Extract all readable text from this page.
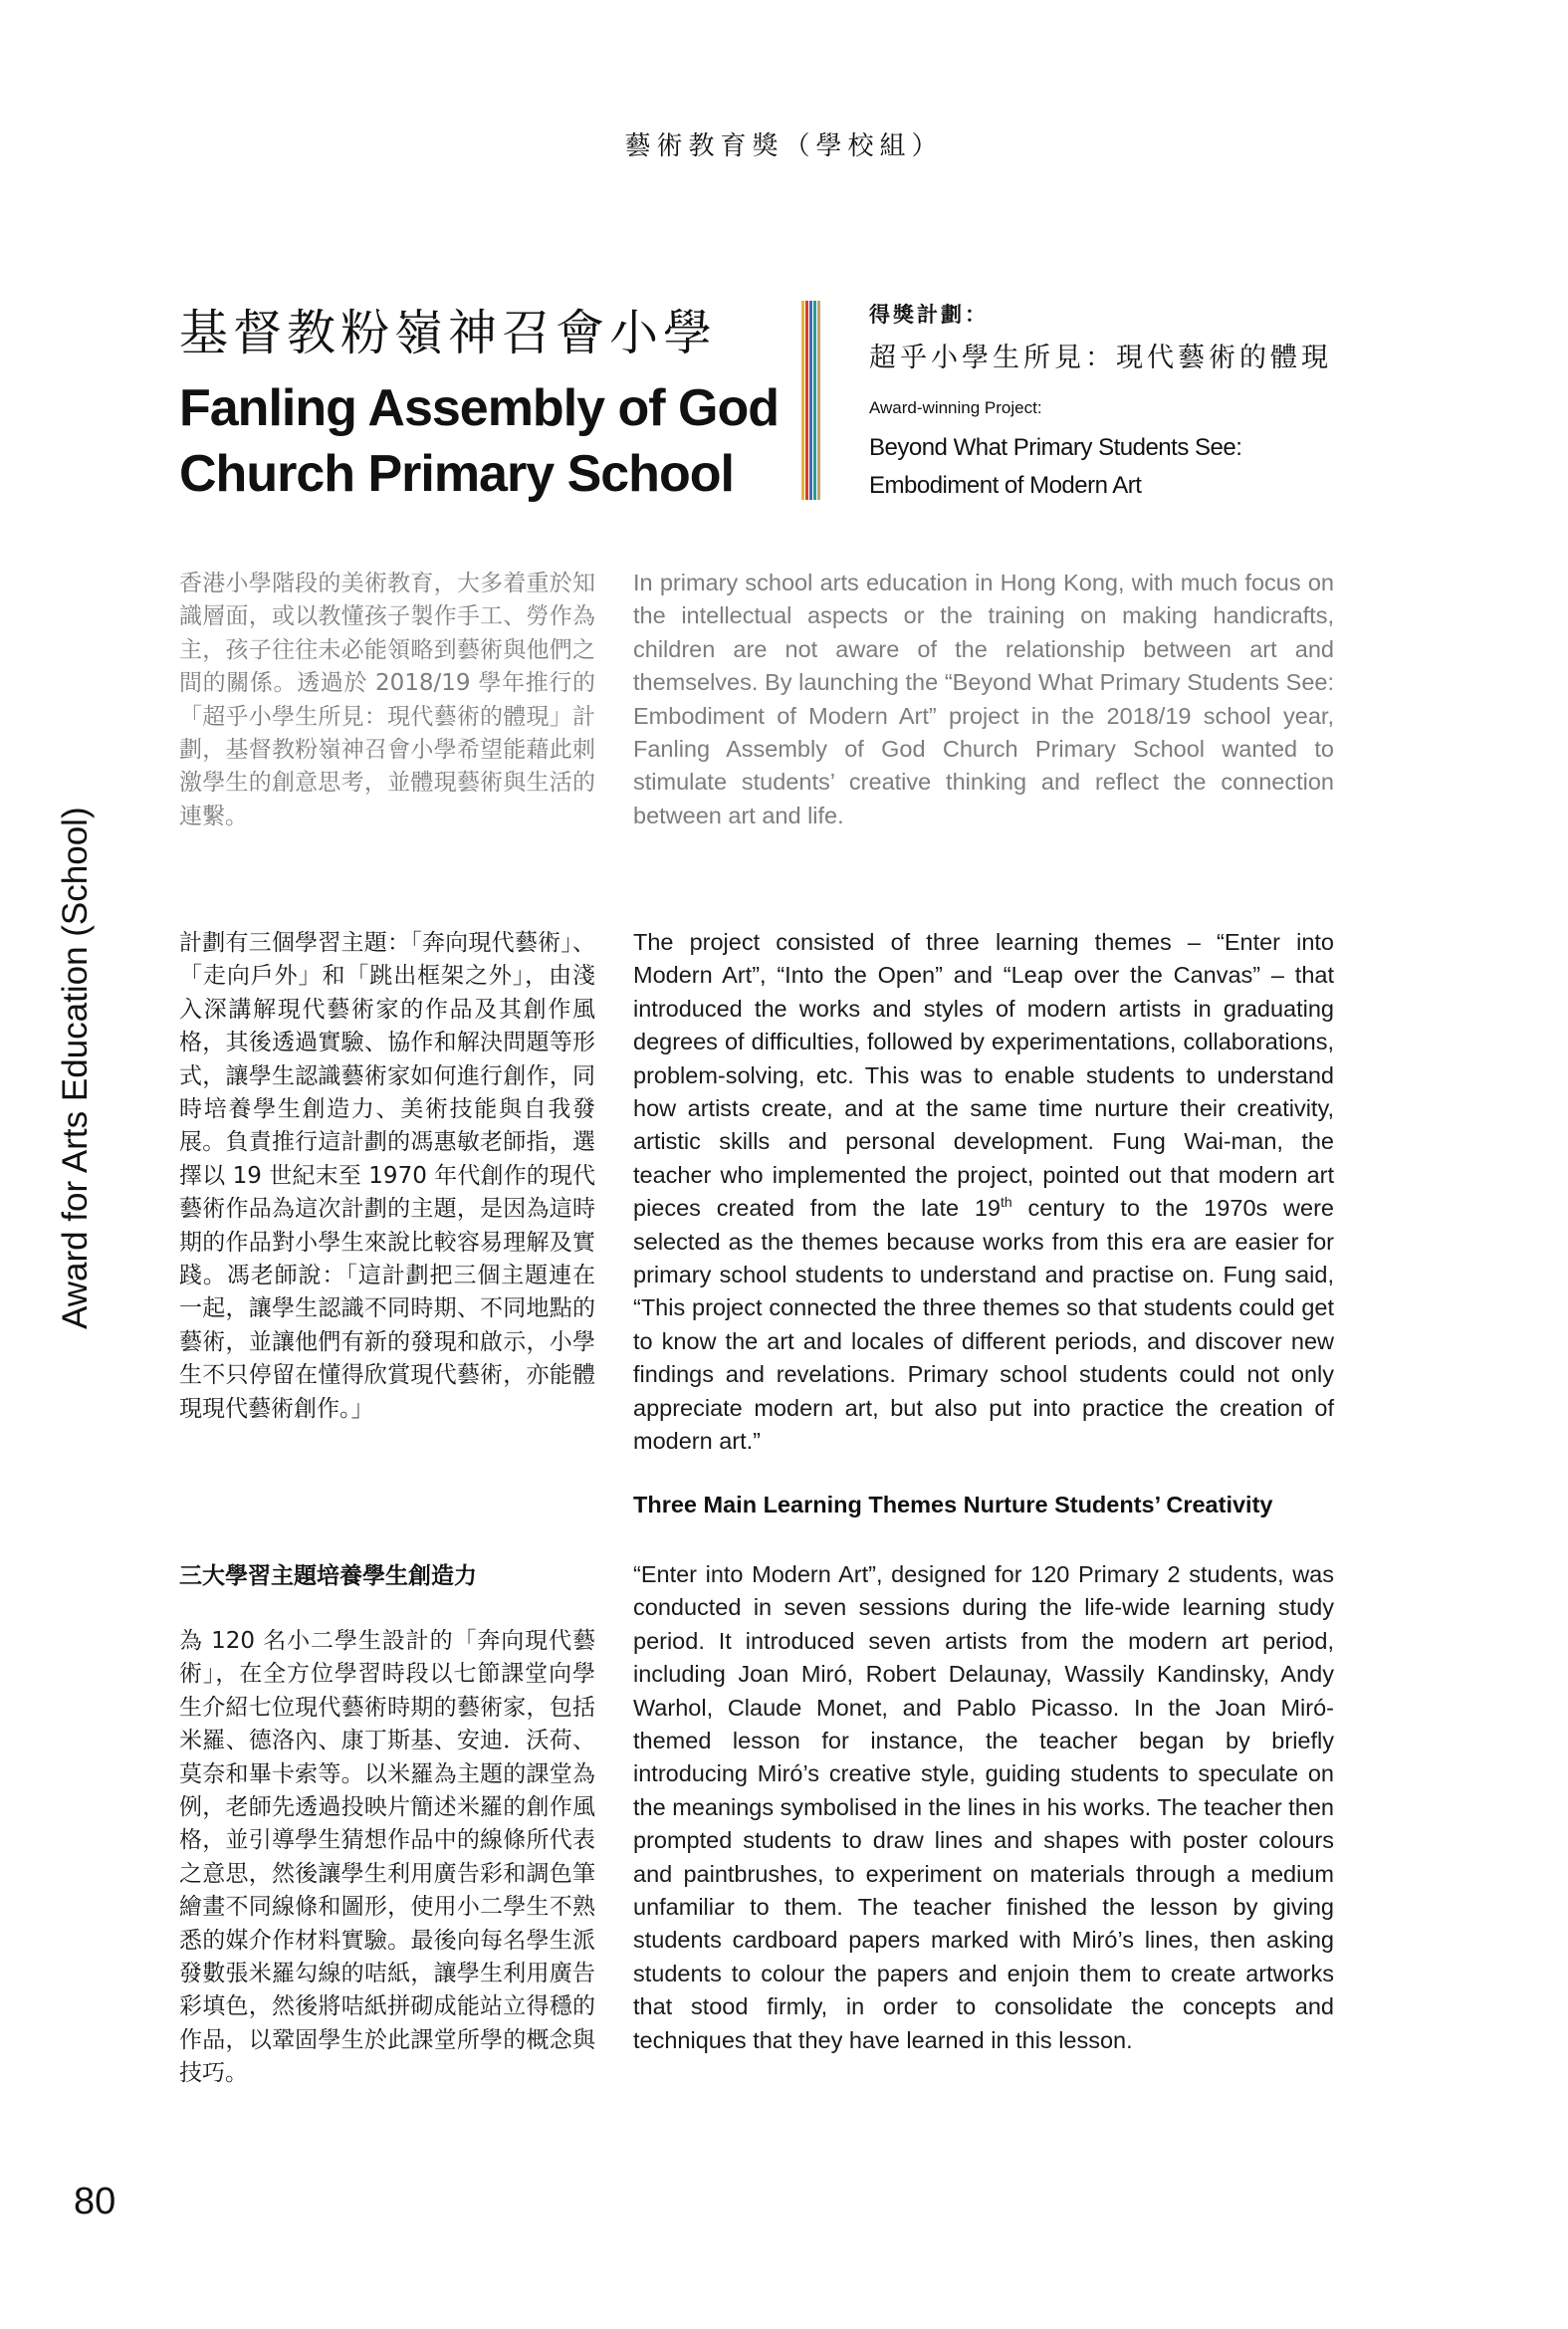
藝術教育獎（學校組）
Award for Arts Education (School)
基督教粉嶺神召會小學
Fanling Assembly of God
Church Primary School
得獎計劃：
超乎小學生所見：現代藝術的體現
Award-winning Project:
Beyond What Primary Students See:
Embodiment of Modern Art
香港小學階段的美術教育，大多着重於知識層面，或以教懂孩子製作手工、勞作為主，孩子往往未必能領略到藝術與他們之間的關係。透過於 2018/19 學年推行的「超乎小學生所見：現代藝術的體現」計劃，基督教粉嶺神召會小學希望能藉此刺激學生的創意思考，並體現藝術與生活的連繫。
In primary school arts education in Hong Kong, with much focus on the intellectual aspects or the training on making handicrafts, children are not aware of the relationship between art and themselves. By launching the “Beyond What Primary Students See: Embodiment of Modern Art” project in the 2018/19 school year, Fanling Assembly of God Church Primary School wanted to stimulate students’ creative thinking and reflect the connection between art and life.
計劃有三個學習主題：「奔向現代藝術」、「走向戶外」和「跳出框架之外」，由淺入深講解現代藝術家的作品及其創作風格，其後透過實驗、協作和解決問題等形式，讓學生認識藝術家如何進行創作，同時培養學生創造力、美術技能與自我發展。負責推行這計劃的馮惠敏老師指，選擇以 19 世紀末至 1970 年代創作的現代藝術作品為這次計劃的主題，是因為這時期的作品對小學生來說比較容易理解及實踐。馮老師說：「這計劃把三個主題連在一起，讓學生認識不同時期、不同地點的藝術，並讓他們有新的發現和啟示，小學生不只停留在懂得欣賞現代藝術，亦能體現現代藝術創作。」
三大學習主題培養學生創造力
為 120 名小二學生設計的「奔向現代藝術」，在全方位學習時段以七節課堂向學生介紹七位現代藝術時期的藝術家，包括米羅、德洛內、康丁斯基、安迪．沃荷、莫奈和畢卡索等。以米羅為主題的課堂為例，老師先透過投映片簡述米羅的創作風格，並引導學生猜想作品中的線條所代表之意思，然後讓學生利用廣告彩和調色筆繪畫不同線條和圖形，使用小二學生不熟悉的媒介作材料實驗。最後向每名學生派發數張米羅勾線的咭紙，讓學生利用廣告彩填色，然後將咭紙拼砌成能站立得穩的作品，以鞏固學生於此課堂所學的概念與技巧。
The project consisted of three learning themes – “Enter into Modern Art”, “Into the Open” and “Leap over the Canvas” – that introduced the works and styles of modern artists in graduating degrees of difficulties, followed by experimentations, collaborations, problem-solving, etc. This was to enable students to understand how artists create, and at the same time nurture their creativity, artistic skills and personal development. Fung Wai-man, the teacher who implemented the project, pointed out that modern art pieces created from the late 19th century to the 1970s were selected as the themes because works from this era are easier for primary school students to understand and practise on. Fung said, “This project connected the three themes so that students could get to know the art and locales of different periods, and discover new findings and revelations. Primary school students could not only appreciate modern art, but also put into practice the creation of modern art.”
Three Main Learning Themes Nurture Students’ Creativity
“Enter into Modern Art”, designed for 120 Primary 2 students, was conducted in seven sessions during the life-wide learning study period. It introduced seven artists from the modern art period, including Joan Miró, Robert Delaunay, Wassily Kandinsky, Andy Warhol, Claude Monet, and Pablo Picasso. In the Joan Miró-themed lesson for instance, the teacher began by briefly introducing Miró’s creative style, guiding students to speculate on the meanings symbolised in the lines in his works. The teacher then prompted students to draw lines and shapes with poster colours and paintbrushes, to experiment on materials through a medium unfamiliar to them. The teacher finished the lesson by giving students cardboard papers marked with Miró’s lines, then asking students to colour the papers and enjoin them to create artworks that stood firmly, in order to consolidate the concepts and techniques that they have learned in this lesson.
80
